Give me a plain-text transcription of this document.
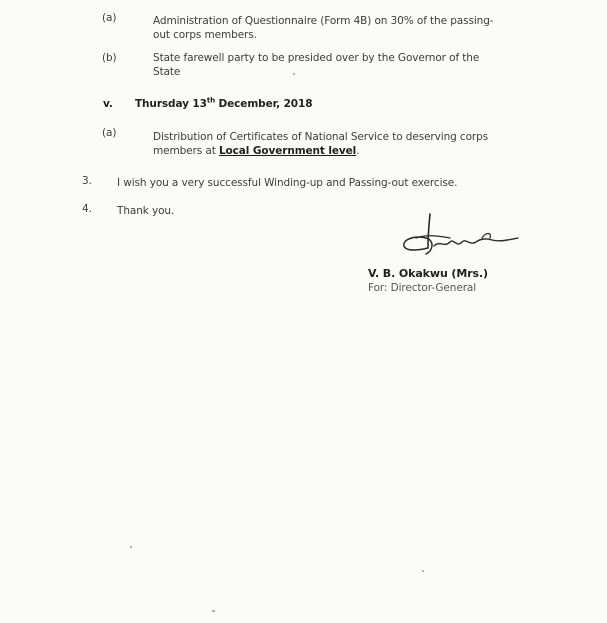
(a)	Administration of Questionnaire (Form 4B) on 30% of the passing-
out corps members.
(b)	State farewell party to be presided over by the Governor of the
State
v. Thursday 13th December, 2018
(a)	Distribution of Certificates of National Service to deserving corps
members at Local Government level.
3. I wish you a very successful Winding-up and Passing-out exercise.
4. Thank you.
V. B. Okakwu (Mrs.)
For: Director-General
